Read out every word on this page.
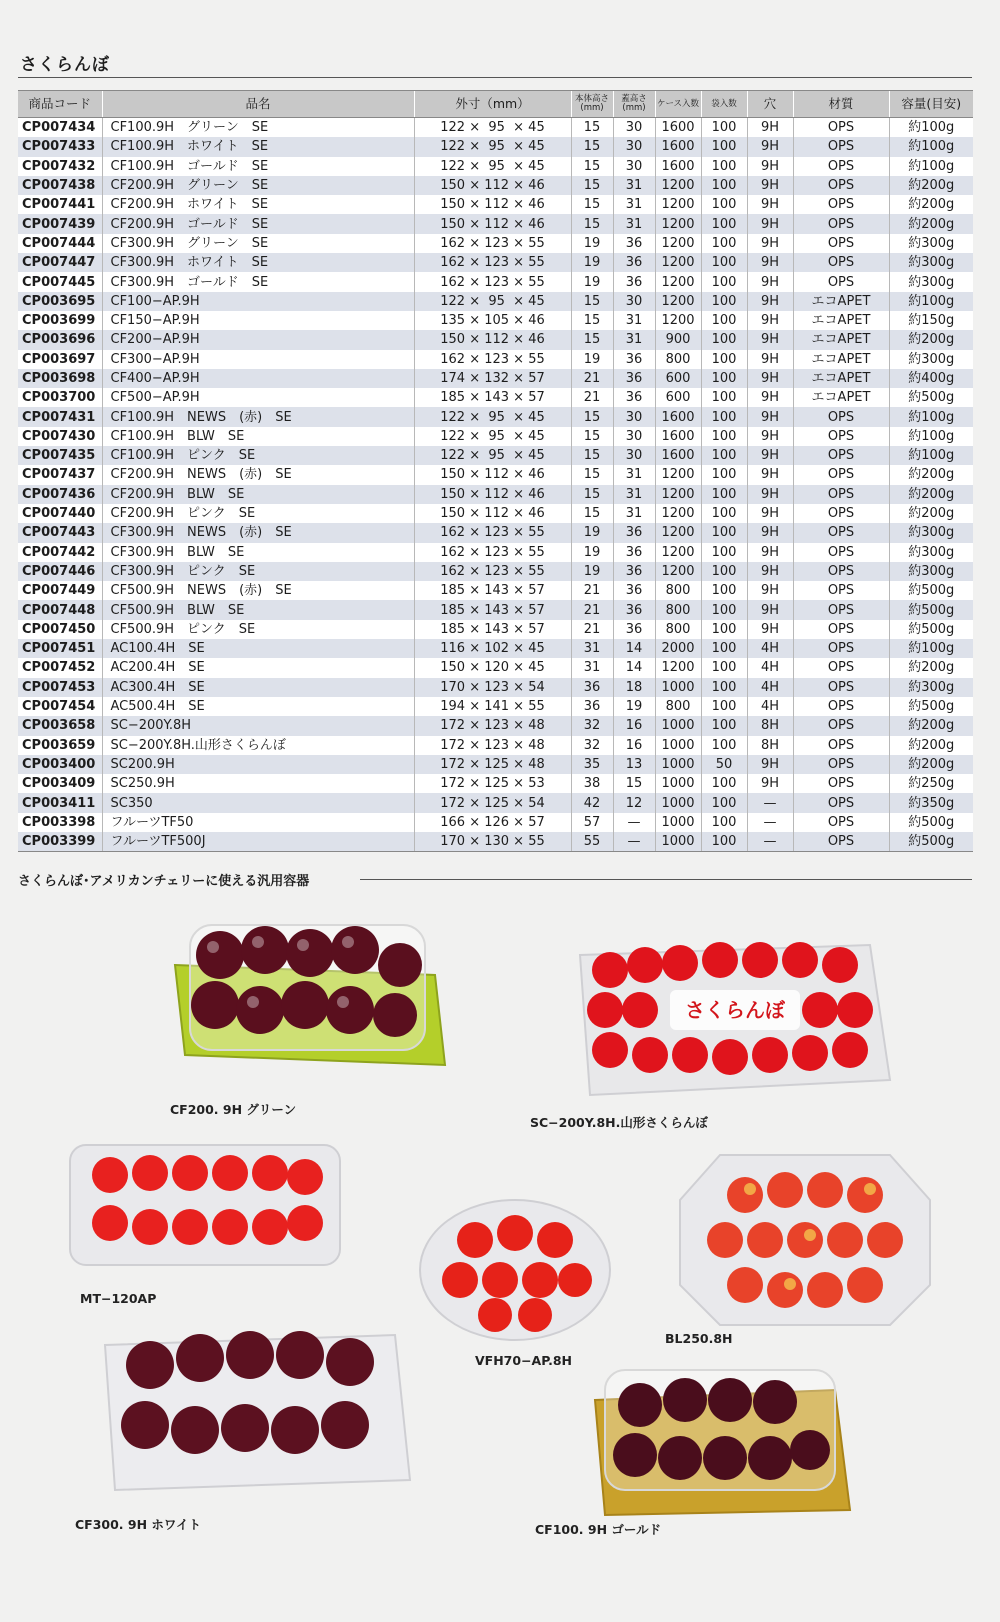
さくらんぼ
商品コード	品名	外寸（mm）	本体高さ(mm)	蓋高さ(mm)	ケース入数	袋入数	穴	材質	容量(目安)
CP007434	CF100.9H　グリーン　SE	122 ×  95  × 45	15	30	1600	100	9H	OPS	約100g
CP007433	CF100.9H　ホワイト　SE	122 ×  95  × 45	15	30	1600	100	9H	OPS	約100g
CP007432	CF100.9H　ゴールド　SE	122 ×  95  × 45	15	30	1600	100	9H	OPS	約100g
CP007438	CF200.9H　グリーン　SE	150 × 112 × 46	15	31	1200	100	9H	OPS	約200g
CP007441	CF200.9H　ホワイト　SE	150 × 112 × 46	15	31	1200	100	9H	OPS	約200g
CP007439	CF200.9H　ゴールド　SE	150 × 112 × 46	15	31	1200	100	9H	OPS	約200g
CP007444	CF300.9H　グリーン　SE	162 × 123 × 55	19	36	1200	100	9H	OPS	約300g
CP007447	CF300.9H　ホワイト　SE	162 × 123 × 55	19	36	1200	100	9H	OPS	約300g
CP007445	CF300.9H　ゴールド　SE	162 × 123 × 55	19	36	1200	100	9H	OPS	約300g
CP003695	CF100−AP.9H	122 ×  95  × 45	15	30	1200	100	9H	エコAPET	約100g
CP003699	CF150−AP.9H	135 × 105 × 46	15	31	1200	100	9H	エコAPET	約150g
CP003696	CF200−AP.9H	150 × 112 × 46	15	31	900	100	9H	エコAPET	約200g
CP003697	CF300−AP.9H	162 × 123 × 55	19	36	800	100	9H	エコAPET	約300g
CP003698	CF400−AP.9H	174 × 132 × 57	21	36	600	100	9H	エコAPET	約400g
CP003700	CF500−AP.9H	185 × 143 × 57	21	36	600	100	9H	エコAPET	約500g
CP007431	CF100.9H　NEWS　(赤)　SE	122 ×  95  × 45	15	30	1600	100	9H	OPS	約100g
CP007430	CF100.9H　BLW　SE	122 ×  95  × 45	15	30	1600	100	9H	OPS	約100g
CP007435	CF100.9H　ピンク　SE	122 ×  95  × 45	15	30	1600	100	9H	OPS	約100g
CP007437	CF200.9H　NEWS　(赤)　SE	150 × 112 × 46	15	31	1200	100	9H	OPS	約200g
CP007436	CF200.9H　BLW　SE	150 × 112 × 46	15	31	1200	100	9H	OPS	約200g
CP007440	CF200.9H　ピンク　SE	150 × 112 × 46	15	31	1200	100	9H	OPS	約200g
CP007443	CF300.9H　NEWS　(赤)　SE	162 × 123 × 55	19	36	1200	100	9H	OPS	約300g
CP007442	CF300.9H　BLW　SE	162 × 123 × 55	19	36	1200	100	9H	OPS	約300g
CP007446	CF300.9H　ピンク　SE	162 × 123 × 55	19	36	1200	100	9H	OPS	約300g
CP007449	CF500.9H　NEWS　(赤)　SE	185 × 143 × 57	21	36	800	100	9H	OPS	約500g
CP007448	CF500.9H　BLW　SE	185 × 143 × 57	21	36	800	100	9H	OPS	約500g
CP007450	CF500.9H　ピンク　SE	185 × 143 × 57	21	36	800	100	9H	OPS	約500g
CP007451	AC100.4H　SE	116 × 102 × 45	31	14	2000	100	4H	OPS	約100g
CP007452	AC200.4H　SE	150 × 120 × 45	31	14	1200	100	4H	OPS	約200g
CP007453	AC300.4H　SE	170 × 123 × 54	36	18	1000	100	4H	OPS	約300g
CP007454	AC500.4H　SE	194 × 141 × 55	36	19	800	100	4H	OPS	約500g
CP003658	SC−200Y.8H	172 × 123 × 48	32	16	1000	100	8H	OPS	約200g
CP003659	SC−200Y.8H.山形さくらんぼ	172 × 123 × 48	32	16	1000	100	8H	OPS	約200g
CP003400	SC200.9H	172 × 125 × 48	35	13	1000	50	9H	OPS	約200g
CP003409	SC250.9H	172 × 125 × 53	38	15	1000	100	9H	OPS	約250g
CP003411	SC350	172 × 125 × 54	42	12	1000	100	—	OPS	約350g
CP003398	フルーツTF50	166 × 126 × 57	57	—	1000	100	—	OPS	約500g
CP003399	フルーツTF500J	170 × 130 × 55	55	—	1000	100	—	OPS	約500g
さくらんぼ･アメリカンチェリーに使える汎用容器
さくらんぼ
CF200. 9H グリーン
SC−200Y.8H.山形さくらんぼ
MT−120AP
VFH70−AP.8H
BL250.8H
CF300. 9H ホワイト	CF100. 9H ゴールド
